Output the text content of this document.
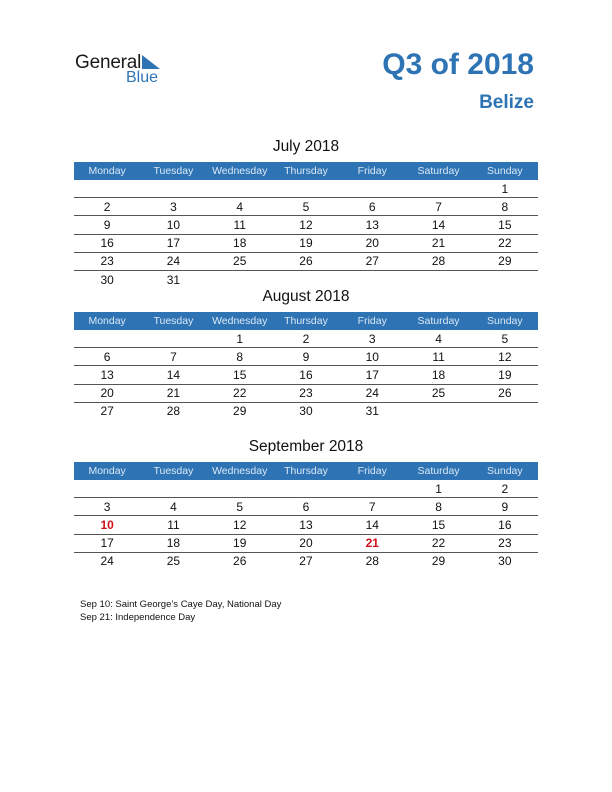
General
Blue	Q3 of 2018
Belize
July 2018
Monday	Tuesday	Wednesday	Thursday	Friday	Saturday	Sunday
						1
2	3	4	5	6	7	8
9	10	11	12	13	14	15
16	17	18	19	20	21	22
23	24	25	26	27	28	29
30	31					
August 2018
Monday	Tuesday	Wednesday	Thursday	Friday	Saturday	Sunday
		1	2	3	4	5
6	7	8	9	10	11	12
13	14	15	16	17	18	19
20	21	22	23	24	25	26
27	28	29	30	31		
September 2018
Monday	Tuesday	Wednesday	Thursday	Friday	Saturday	Sunday
					1	2
3	4	5	6	7	8	9
10	11	12	13	14	15	16
17	18	19	20	21	22	23
24	25	26	27	28	29	30
Sep 10: Saint George’s Caye Day, National Day
Sep 21: Independence Day
